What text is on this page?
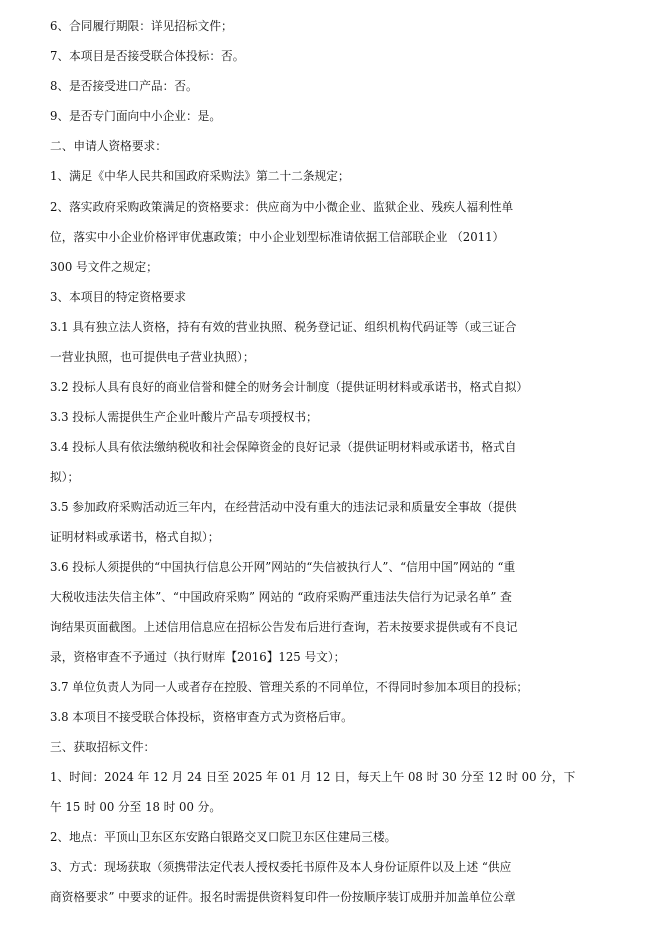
6、合同履行期限：详见招标文件；
7、本项目是否接受联合体投标：否。
8、是否接受进口产品：否。
9、是否专门面向中小企业：是。
二、申请人资格要求：
1、满足《中华人民共和国政府采购法》第二十二条规定；
2、落实政府采购政策满足的资格要求：供应商为中小微企业、监狱企业、残疾人福利性单
位，落实中小企业价格评审优惠政策；中小企业划型标准请依据工信部联企业 （2011）
300 号文件之规定；
3、本项目的特定资格要求
3.1 具有独立法人资格，持有有效的营业执照、税务登记证、组织机构代码证等（或三证合
一营业执照，也可提供电子营业执照）；
3.2 投标人具有良好的商业信誉和健全的财务会计制度（提供证明材料或承诺书，格式自拟）
3.3 投标人需提供生产企业叶酸片产品专项授权书；
3.4 投标人具有依法缴纳税收和社会保障资金的良好记录（提供证明材料或承诺书，格式自
拟）；
3.5 参加政府采购活动近三年内，在经营活动中没有重大的违法记录和质量安全事故（提供
证明材料或承诺书，格式自拟）；
3.6 投标人须提供的“中国执行信息公开网”网站的“失信被执行人”、“信用中国”网站的 “重
大税收违法失信主体”、“中国政府采购” 网站的 “政府采购严重违法失信行为记录名单” 查
询结果页面截图。上述信用信息应在招标公告发布后进行查询，若未按要求提供或有不良记
录，资格审查不予通过（执行财库【2016】125 号文）；
3.7 单位负责人为同一人或者存在控股、管理关系的不同单位，不得同时参加本项目的投标；
3.8 本项目不接受联合体投标，资格审查方式为资格后审。
三、获取招标文件：
1、时间：2024 年 12 月 24 日至 2025 年 01 月 12 日，每天上午 08 时 30 分至 12 时 00 分，下
午 15 时 00 分至 18 时 00 分。
2、地点：平顶山卫东区东安路白银路交叉口院卫东区住建局三楼。
3、方式：现场获取（须携带法定代表人授权委托书原件及本人身份证原件以及上述 “供应
商资格要求” 中要求的证件。报名时需提供资料复印件一份按顺序装订成册并加盖单位公章
